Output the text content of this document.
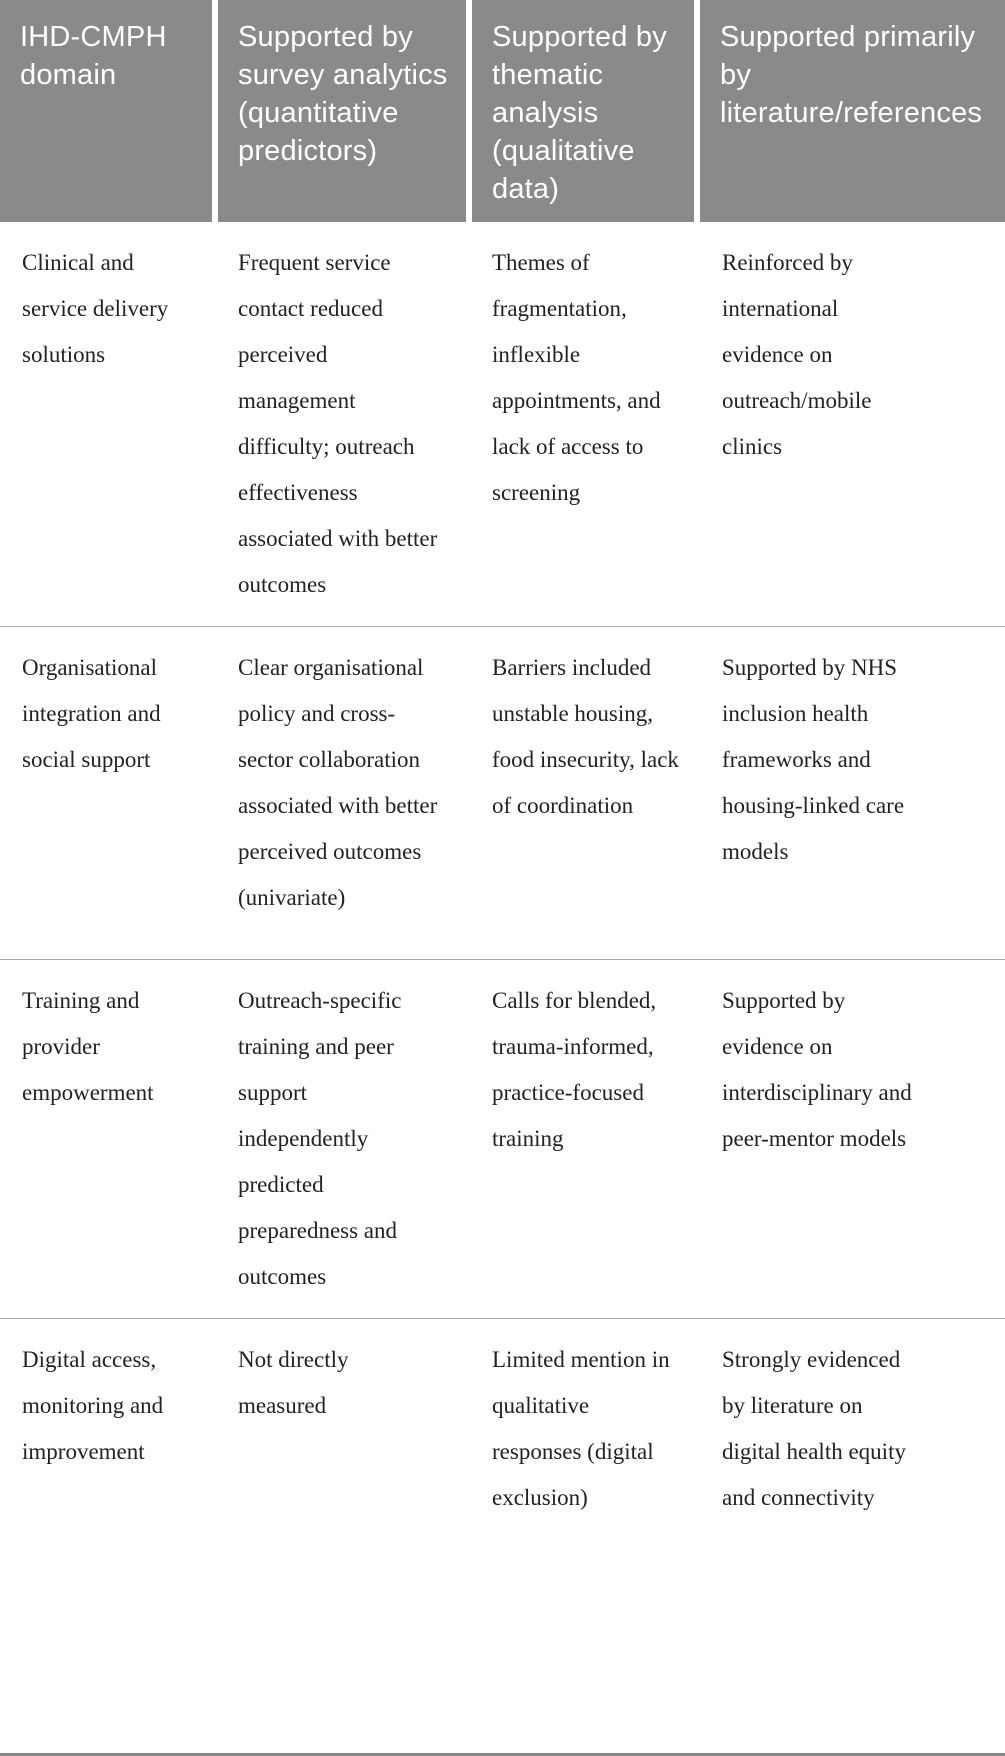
IHD-CMPH domain
Supported by survey analytics (quantitative predictors)
Supported by thematic analysis (qualitative data)
Supported primarily by literature/references
Clinical and service delivery solutions
Frequent service contact reduced perceived management difficulty; outreach effectiveness associated with better outcomes
Themes of fragmentation, inflexible appointments, and lack of access to screening
Reinforced by international evidence on outreach/mobile clinics
Organisational integration and social support
Clear organisational policy and cross-sector collaboration associated with better perceived outcomes (univariate)
Barriers included unstable housing, food insecurity, lack of coordination
Supported by NHS inclusion health frameworks and housing-linked care models
Training and provider empowerment
Outreach-specific training and peer support independently predicted preparedness and outcomes
Calls for blended, trauma-informed, practice-focused training
Supported by evidence on interdisciplinary and peer-mentor models
Digital access, monitoring and improvement
Not directly measured
Limited mention in qualitative responses (digital exclusion)
Strongly evidenced by literature on digital health equity and connectivity
